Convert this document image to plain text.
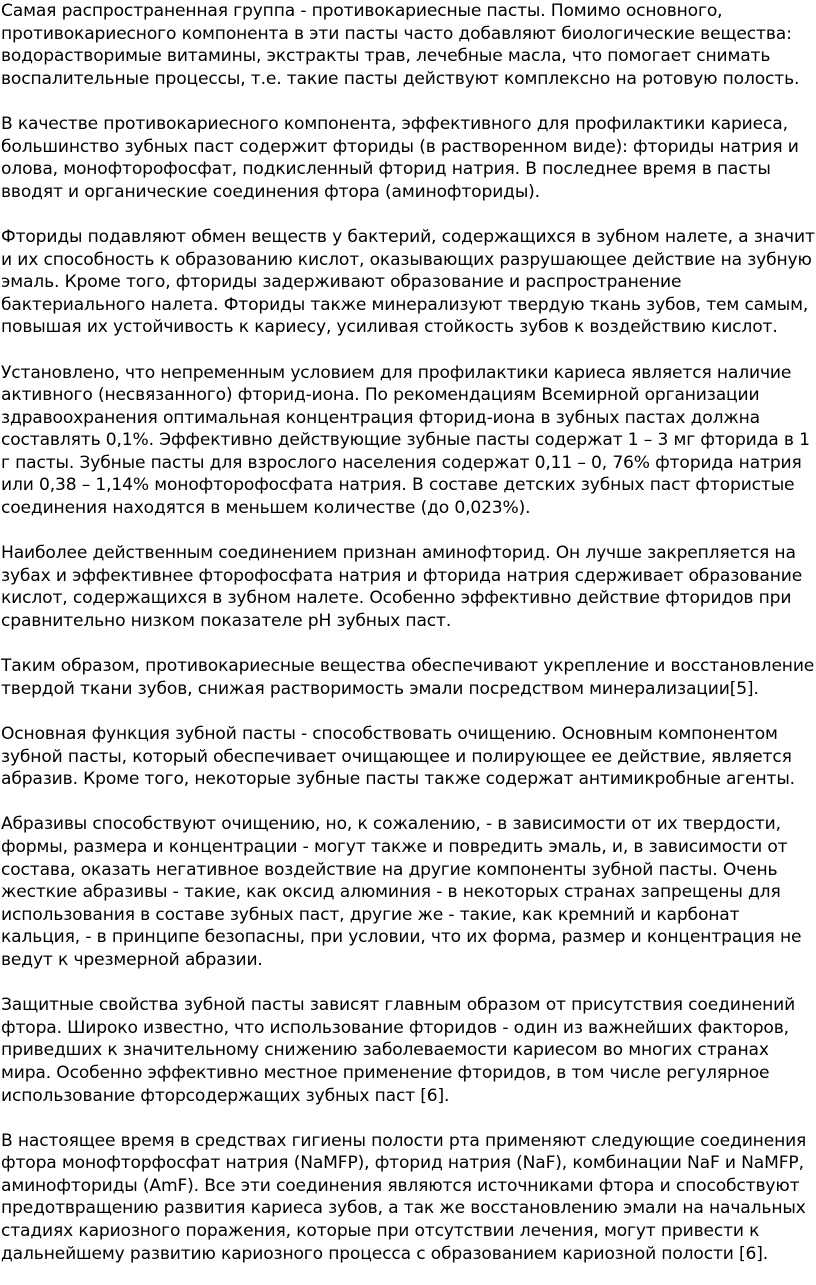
Самая распространенная группа - противокариесные пасты. Помимо основного, противокариесного компонента в эти пасты часто добавляют биологические вещества: водорастворимые витамины, экстракты трав, лечебные масла, что помогает снимать воспалительные процессы, т.е. такие пасты действуют комплексно на ротовую полость.

В качестве противокариесного компонента, эффективного для профилактики кариеса, большинство зубных паст содержит фториды (в растворенном виде): фториды натрия и олова, монофторофосфат, подкисленный фторид натрия. В последнее время в пасты вводят и органические соединения фтора (аминофториды).

Фториды подавляют обмен веществ у бактерий, содержащихся в зубном налете, а значит и их способность к образованию кислот, оказывающих разрушающее действие на зубную эмаль. Кроме того, фториды задерживают образование и распространение бактериального налета. Фториды также минерализуют твердую ткань зубов, тем самым, повышая их устойчивость к кариесу, усиливая стойкость зубов к воздействию кислот.

Установлено, что непременным условием для профилактики кариеса является наличие активного (несвязанного) фторид-иона. По рекомендациям Всемирной организации здравоохранения оптимальная концентрация фторид-иона в зубных пастах должна составлять 0,1%. Эффективно действующие зубные пасты содержат 1 – 3 мг фторида в 1 г пасты. Зубные пасты для взрослого населения содержат 0,11 – 0, 76% фторида натрия или 0,38 – 1,14% монофторофосфата натрия. В составе детских зубных паст фтористые соединения находятся в меньшем количестве (до 0,023%).

Наиболее действенным соединением признан аминофторид. Он лучше закрепляется на зубах и эффективнее фторофосфата натрия и фторида натрия сдерживает образование кислот, содержащихся в зубном налете. Особенно эффективно действие фторидов при сравнительно низком показателе pH зубных паст.

Таким образом, противокариесные вещества обеспечивают укрепление и восстановление твердой ткани зубов, снижая растворимость эмали посредством минерализации[5].

Основная функция зубной пасты - способствовать очищению. Основным компонентом зубной пасты, который обеспечивает очищающее и полирующее ее действие, является абразив. Кроме того, некоторые зубные пасты также содержат антимикробные агенты.

Абразивы способствуют очищению, но, к сожалению, - в зависимости от их твердости, формы, размера и концентрации - могут также и повредить эмаль, и, в зависимости от состава, оказать негативное воздействие на другие компоненты зубной пасты. Очень жесткие абразивы - такие, как оксид алюминия - в некоторых странах запрещены для использования в составе зубных паст, другие же - такие, как кремний и карбонат кальция, - в принципе безопасны, при условии, что их форма, размер и концентрация не ведут к чрезмерной абразии.

Защитные свойства зубной пасты зависят главным образом от присутствия соединений фтора. Широко известно, что использование фторидов - один из важнейших факторов, приведших к значительному снижению заболеваемости кариесом во многих странах мира. Особенно эффективно местное применение фторидов, в том числе регулярное использование фторсодержащих зубных паст [6].

В настоящее время в средствах гигиены полости рта применяют следующие соединения фтора монофторфосфат натрия (NaMFP), фторид натрия (NaF), комбинации NaF и NaMFP, аминофториды (AmF). Все эти соединения являются источниками фтора и способствуют предотвращению развития кариеса зубов, а так же восстановлению эмали на начальных стадиях кариозного поражения, которые при отсутствии лечения, могут привести к дальнейшему развитию кариозного процесса с образованием кариозной полости [6].
